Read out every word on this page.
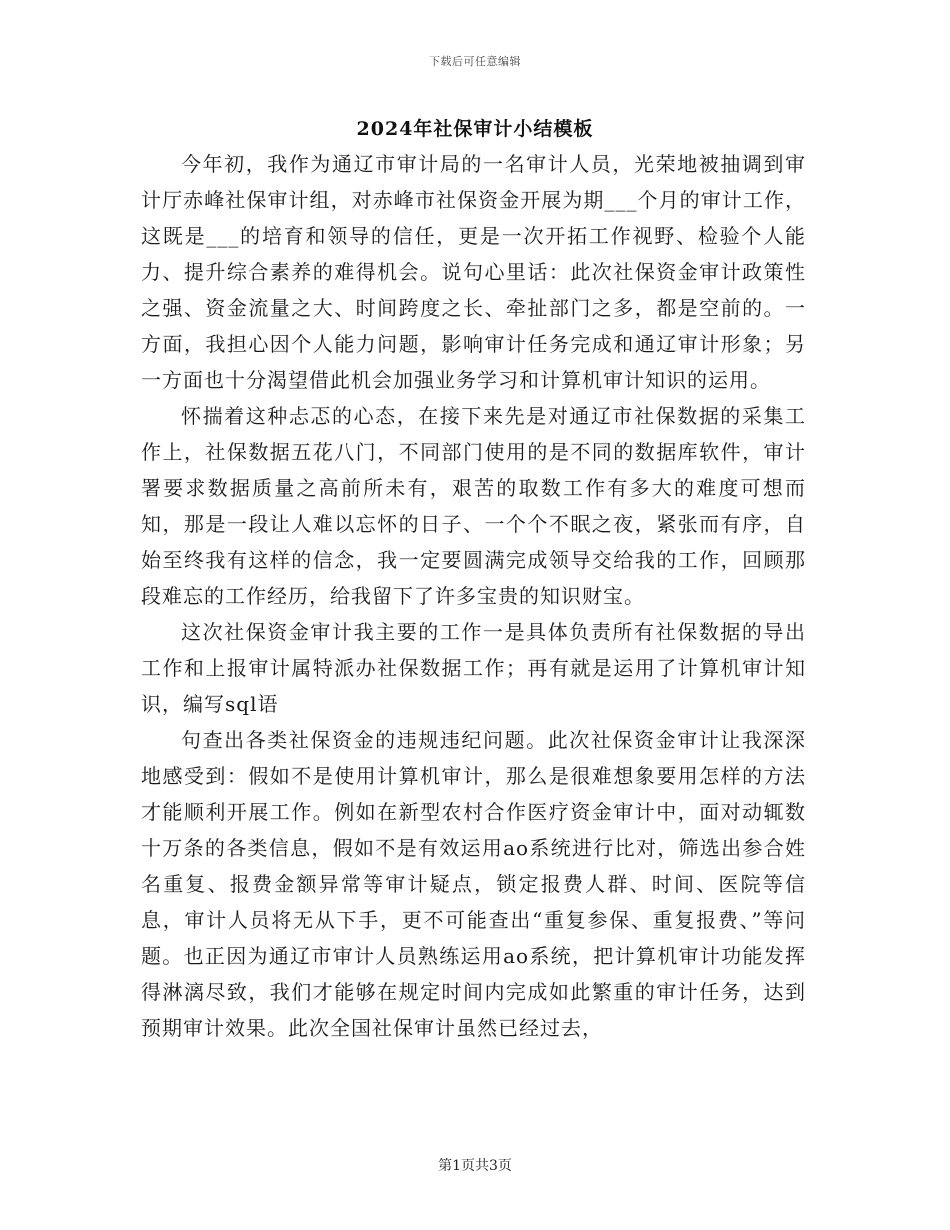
下载后可任意编辑
2024年社保审计小结模板

今年初，我作为通辽市审计局的一名审计人员，光荣地被抽调到审计厅赤峰社保审计组，对赤峰市社保资金开展为期___个月的审计工作，这既是___的培育和领导的信任，更是一次开拓工作视野、检验个人能力、提升综合素养的难得机会。说句心里话：此次社保资金审计政策性之强、资金流量之大、时间跨度之长、牵扯部门之多，都是空前的。一方面，我担心因个人能力问题，影响审计任务完成和通辽审计形象；另一方面也十分渴望借此机会加强业务学习和计算机审计知识的运用。

怀揣着这种忐忑的心态，在接下来先是对通辽市社保数据的采集工作上，社保数据五花八门，不同部门使用的是不同的数据库软件，审计署要求数据质量之高前所未有，艰苦的取数工作有多大的难度可想而知，那是一段让人难以忘怀的日子、一个个不眠之夜，紧张而有序，自始至终我有这样的信念，我一定要圆满完成领导交给我的工作，回顾那段难忘的工作经历，给我留下了许多宝贵的知识财宝。

这次社保资金审计我主要的工作一是具体负责所有社保数据的导出工作和上报审计属特派办社保数据工作；再有就是运用了计算机审计知识，编写sql语

句查出各类社保资金的违规违纪问题。此次社保资金审计让我深深地感受到：假如不是使用计算机审计，那么是很难想象要用怎样的方法才能顺利开展工作。例如在新型农村合作医疗资金审计中，面对动辄数十万条的各类信息，假如不是有效运用ao系统进行比对，筛选出参合姓名重复、报费金额异常等审计疑点，锁定报费人群、时间、医院等信息，审计人员将无从下手，更不可能查出“重复参保、重复报费、”等问题。也正因为通辽市审计人员熟练运用ao系统，把计算机审计功能发挥得淋漓尽致，我们才能够在规定时间内完成如此繁重的审计任务，达到预期审计效果。此次全国社保审计虽然已经过去，

第1页共3页
